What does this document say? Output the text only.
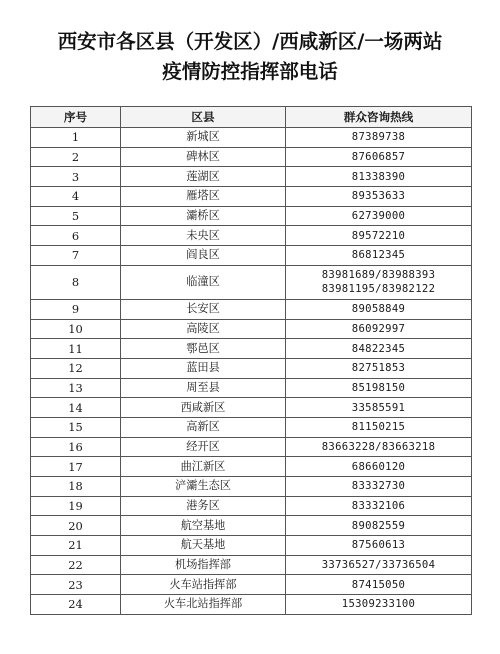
西安市各区县（开发区）/西咸新区/一场两站
疫情防控指挥部电话
序号	区县	群众咨询热线
1	新城区	87389738

2	碑林区	87606857

3	莲湖区	81338390

4	雁塔区	89353633

5	灞桥区	62739000

6	未央区	89572210

7	阎良区	86812345

8	临潼区	83981689/83988393
83981195/83982122

9	长安区	89058849

10	高陵区	86092997

11	鄠邑区	84822345

12	蓝田县	82751853

13	周至县	85198150

14	西咸新区	33585591

15	高新区	81150215

16	经开区	83663228/83663218

17	曲江新区	68660120

18	浐灞生态区	83332730

19	港务区	83332106

20	航空基地	89082559

21	航天基地	87560613

22	机场指挥部	33736527/33736504

23	火车站指挥部	87415050

24	火车北站指挥部	15309233100
